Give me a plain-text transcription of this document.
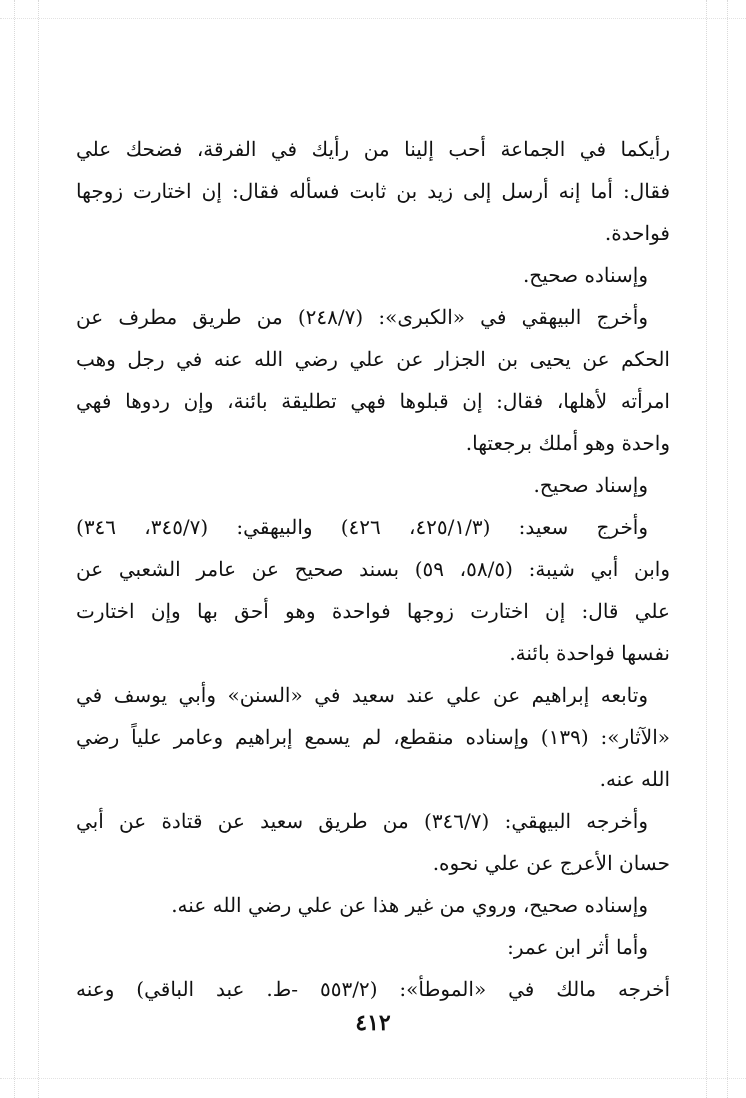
رأيكما في الجماعة أحب إلينا من رأيك في الفرقة، فضحك علي
فقال: أما إنه أرسل إلى زيد بن ثابت فسأله فقال: إن اختارت زوجها
فواحدة.
وإسناده صحيح.
وأخرج البيهقي في «الكبرى»: (٢٤٨/٧) من طريق مطرف عن
الحكم عن يحيى بن الجزار عن علي رضي الله عنه في رجل وهب
امرأته لأهلها، فقال: إن قبلوها فهي تطليقة بائنة، وإن ردوها فهي
واحدة وهو أملك برجعتها.
وإسناد صحيح.
وأخرج سعيد: (٤٢٥/١/٣، ٤٢٦) والبيهقي: (٣٤٥/٧، ٣٤٦)
وابن أبي شيبة: (٥٨/٥، ٥٩) بسند صحيح عن عامر الشعبي عن
علي قال: إن اختارت زوجها فواحدة وهو أحق بها وإن اختارت
نفسها فواحدة بائنة.
وتابعه إبراهيم عن علي عند سعيد في «السنن» وأبي يوسف في
«الآثار»: (١٣٩) وإسناده منقطع، لم يسمع إبراهيم وعامر علياً رضي
الله عنه.
وأخرجه البيهقي: (٣٤٦/٧) من طريق سعيد عن قتادة عن أبي
حسان الأعرج عن علي نحوه.
وإسناده صحيح، وروي من غير هذا عن علي رضي الله عنه.
وأما أثر ابن عمر:
أخرجه مالك في «الموطأ»: (٥٥٣/٢ -ط. عبد الباقي) وعنه
٤١٢
